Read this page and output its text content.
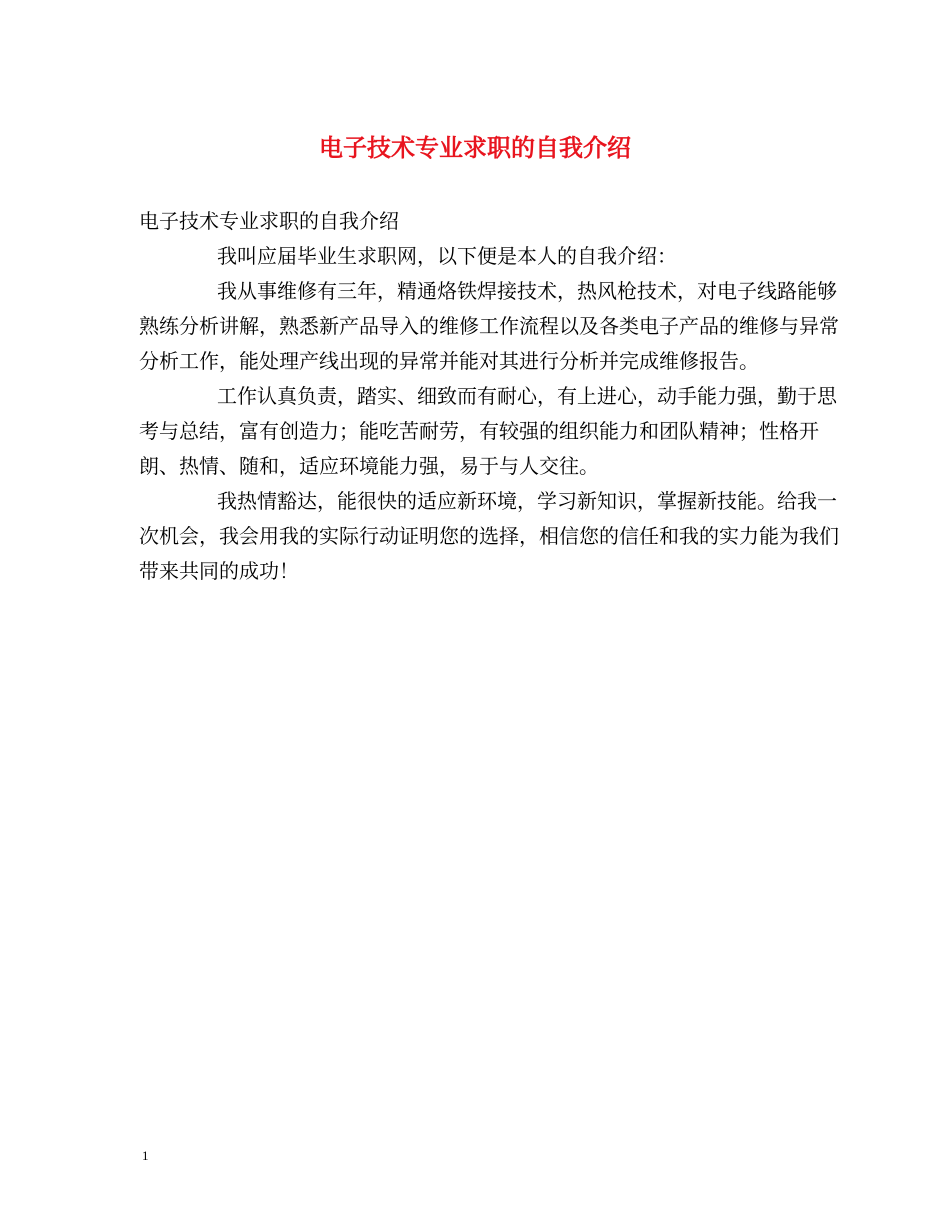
电子技术专业求职的自我介绍

电子技术专业求职的自我介绍

我叫应届毕业生求职网，以下便是本人的自我介绍：

我从事维修有三年，精通烙铁焊接技术，热风枪技术，对电子线路能够熟练分析讲解，熟悉新产品导入的维修工作流程以及各类电子产品的维修与异常分析工作，能处理产线出现的异常并能对其进行分析并完成维修报告。

工作认真负责，踏实、细致而有耐心，有上进心，动手能力强，勤于思考与总结，富有创造力；能吃苦耐劳，有较强的组织能力和团队精神；性格开朗、热情、随和，适应环境能力强，易于与人交往。

我热情豁达，能很快的适应新环境，学习新知识，掌握新技能。给我一次机会，我会用我的实际行动证明您的选择，相信您的信任和我的实力能为我们带来共同的成功！

1
